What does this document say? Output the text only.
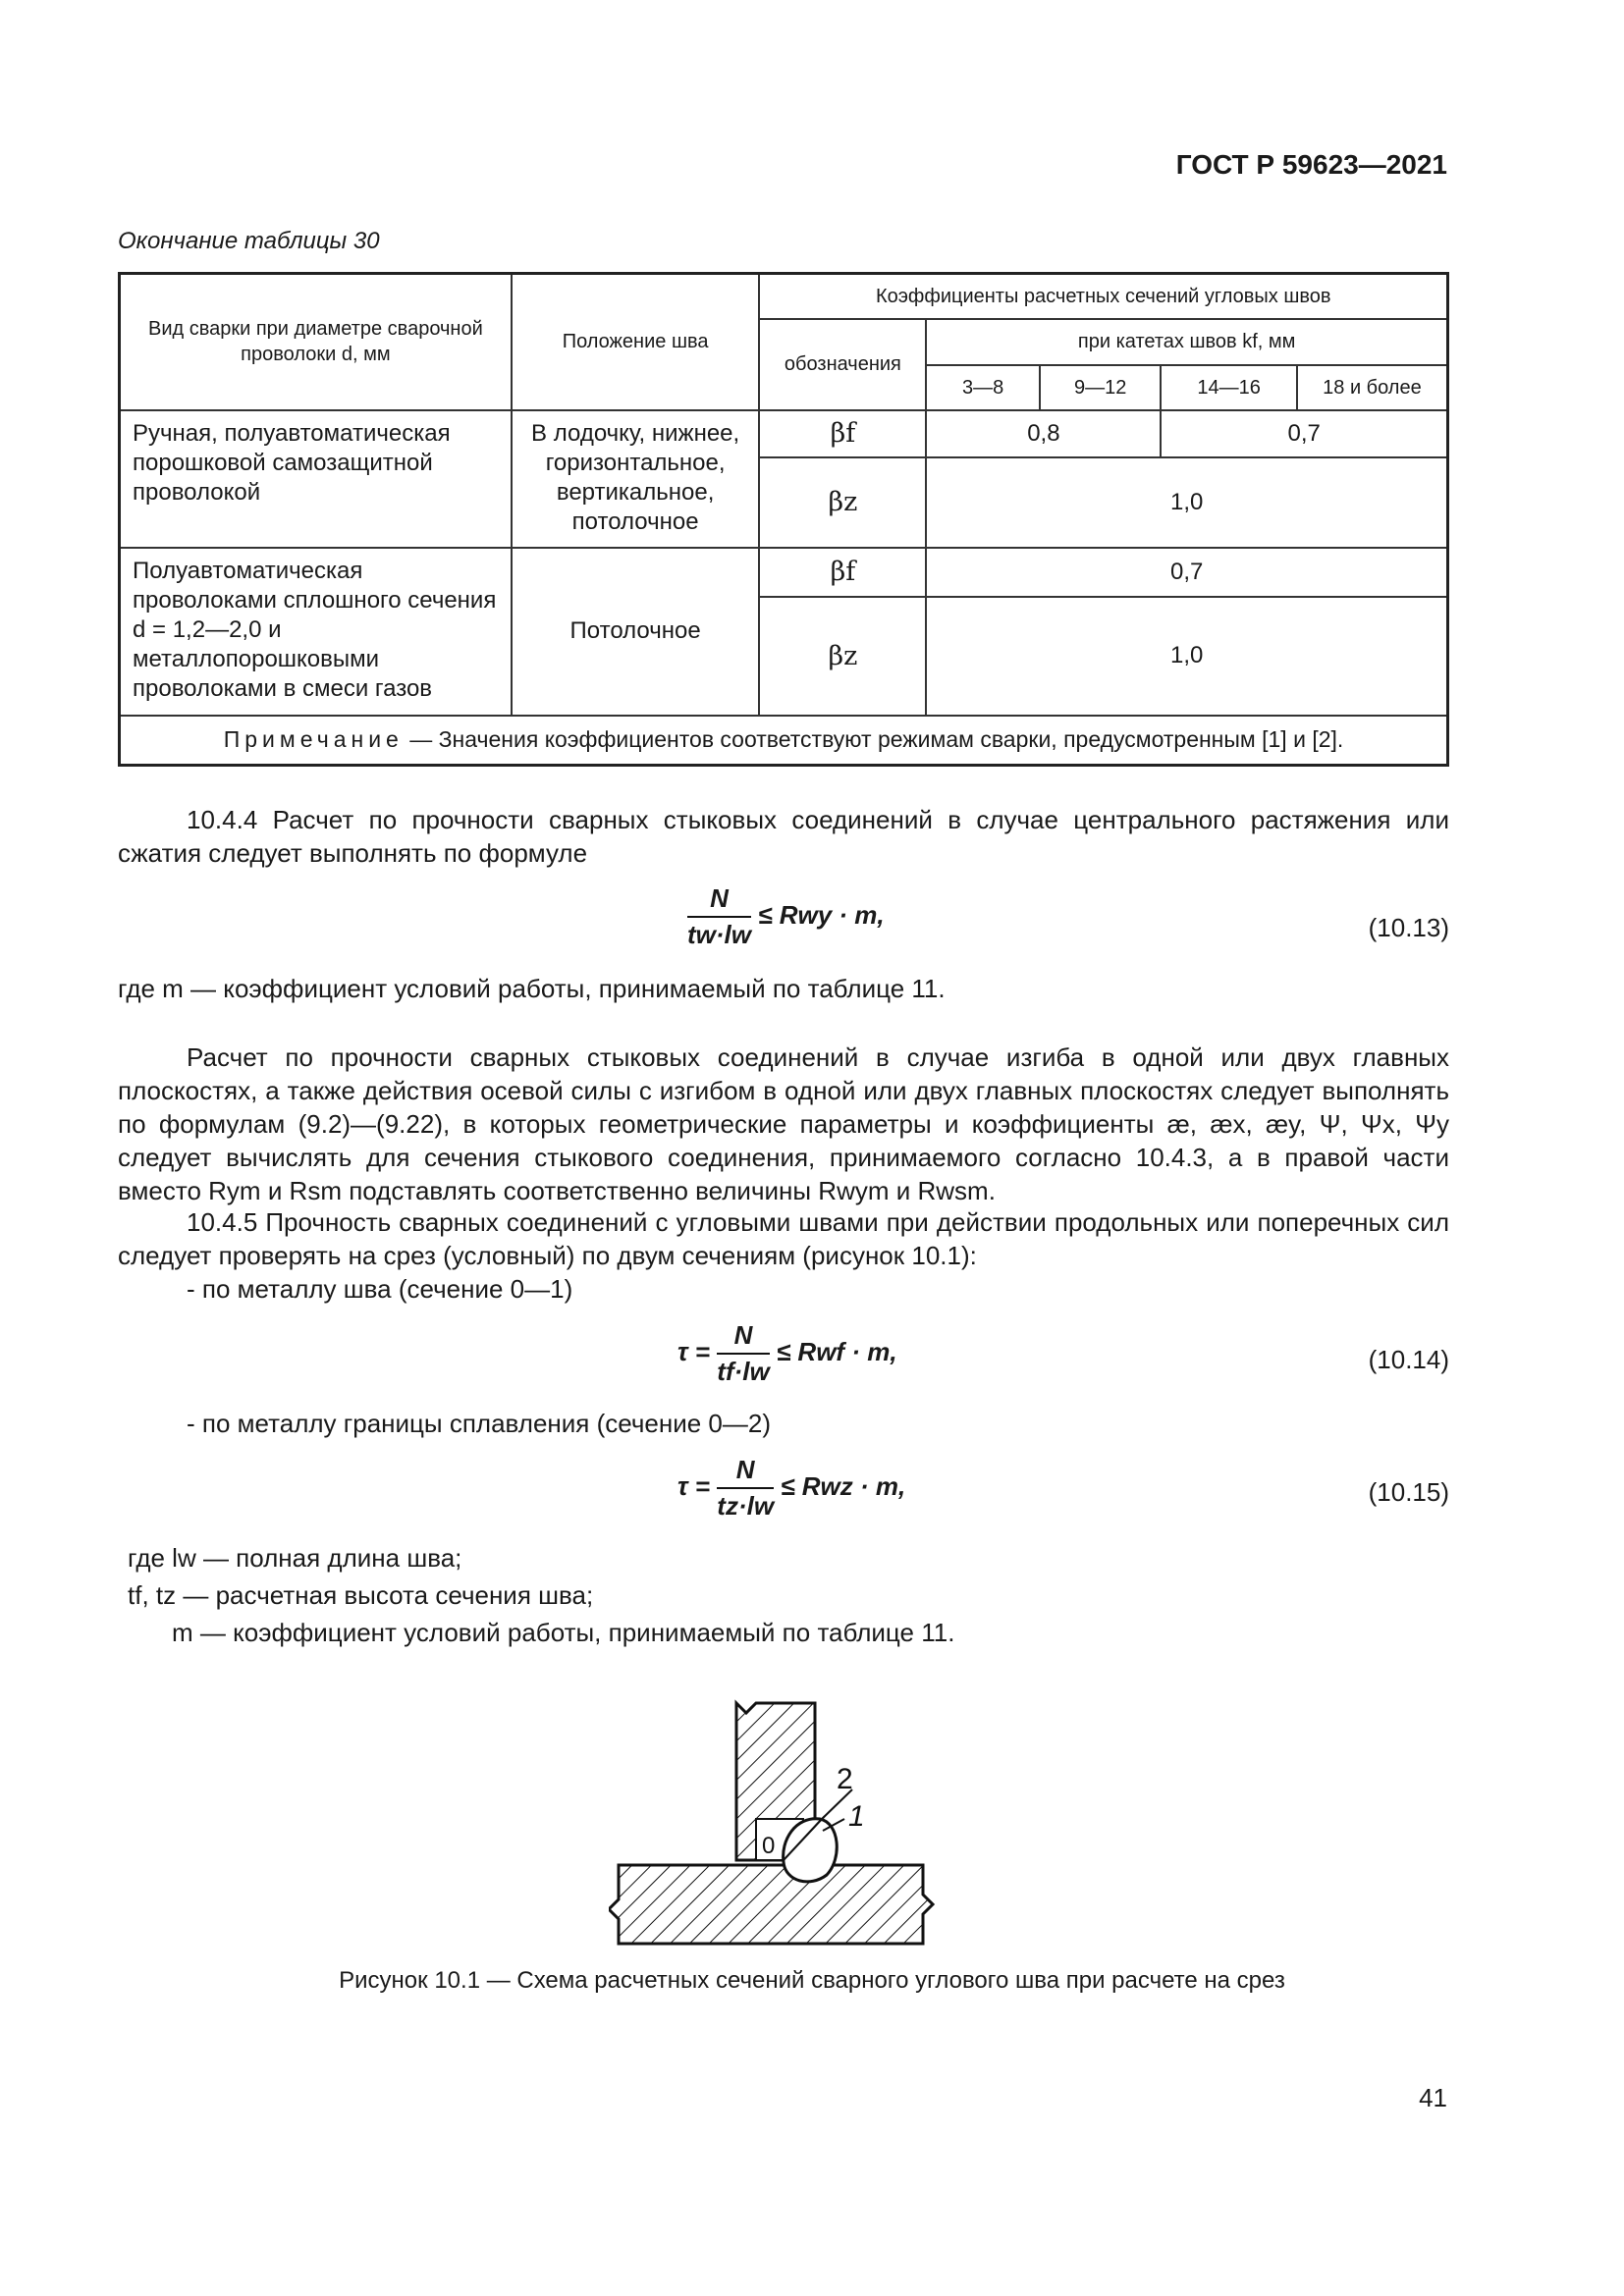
ГОСТ Р 59623—2021
Окончание таблицы 30
Вид сварки при диаметре сварочной проволоки d, мм	Положение шва	Коэффициенты расчетных сечений угловых швов				
		обозначения	при катетах швов kf, мм			
			3—8	9—12	14—16	18 и более
Ручная, полуавтоматическая порошковой самозащитной проволокой	В лодочку, нижнее, горизонтальное, вертикальное, потолочное	βf	0,8		0,7	
		βz	1,0			
Полуавтоматическая проволоками сплошного сечения d = 1,2—2,0 и металлопорошковыми проволоками в смеси газов	Потолочное	βf	0,7			
		βz	1,0			
Примечание — Значения коэффициентов соответствуют режимам сварки, предусмотренным [1] и [2].						
10.4.4 Расчет по прочности сварных стыковых соединений в случае центрального растяжения или сжатия следует выполнять по формуле
$\frac{N}{tw\cdot lw}$ ≤ Rwy · m,	(10.13)
где m — коэффициент условий работы, принимаемый по таблице 11.
Расчет по прочности сварных стыковых соединений в случае изгиба в одной или двух главных плоскостях, а также действия осевой силы с изгибом в одной или двух главных плоскостях следует выполнять по формулам (9.2)—(9.22), в которых геометрические параметры и коэффициенты æ, æx, æy, Ψ, Ψx, Ψy следует вычислять для сечения стыкового соединения, принимаемого согласно 10.4.3, а в правой части вместо Rym и Rsm подставлять соответственно величины Rwym и Rwsm.
10.4.5 Прочность сварных соединений с угловыми швами при действии продольных или поперечных сил следует проверять на срез (условный) по двум сечениям (рисунок 10.1):
- по металлу шва (сечение 0—1)
$\tau = \frac{N}{tf\cdot lw}$ ≤ Rwf · m,	(10.14)
- по металлу границы сплавления (сечение 0—2)
$\tau = \frac{N}{tz\cdot lw}$ ≤ Rwz · m,	(10.15)
где lw — полная длина шва;
tf, tz — расчетная высота сечения шва;
m — коэффициент условий работы, принимаемый по таблице 11.
0
1
2
Рисунок 10.1 — Схема расчетных сечений сварного углового шва при расчете на срез
41
